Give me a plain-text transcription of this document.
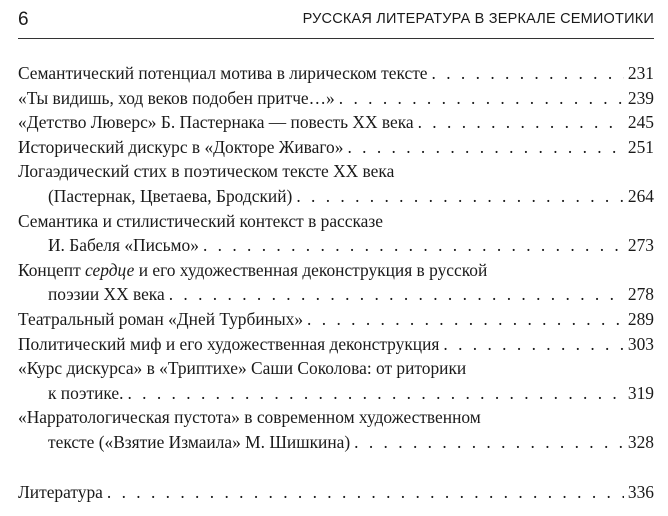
6	РУССКАЯ ЛИТЕРАТУРА В ЗЕРКАЛЕ СЕМИОТИКИ
Семантический потенциал мотива в лирическом тексте . . .	231
«Ты видишь, ход веков подобен притче…» . . .	239
«Детство Люверс» Б. Пастернака — повесть XX века . . .	245
Исторический дискурс в «Докторе Живаго» . . .	251
Логаэдический стих в поэтическом тексте XX века
(Пастернак, Цветаева, Бродский) . . .	264
Семантика и стилистический контекст в рассказе
И. Бабеля «Письмо» . . .	273
Концепт сердце и его художественная деконструкция в русской
поэзии XX века . . .	278
Театральный роман «Дней Турбиных» . . .	289
Политический миф и его художественная деконструкция . . .	303
«Курс дискурса» в «Триптихе» Саши Соколова: от риторики
к поэтике. . . .	319
«Нарратологическая пустота» в современном художественном
тексте («Взятие Измаила» М. Шишкина) . . .	328
Литература . . .	336
